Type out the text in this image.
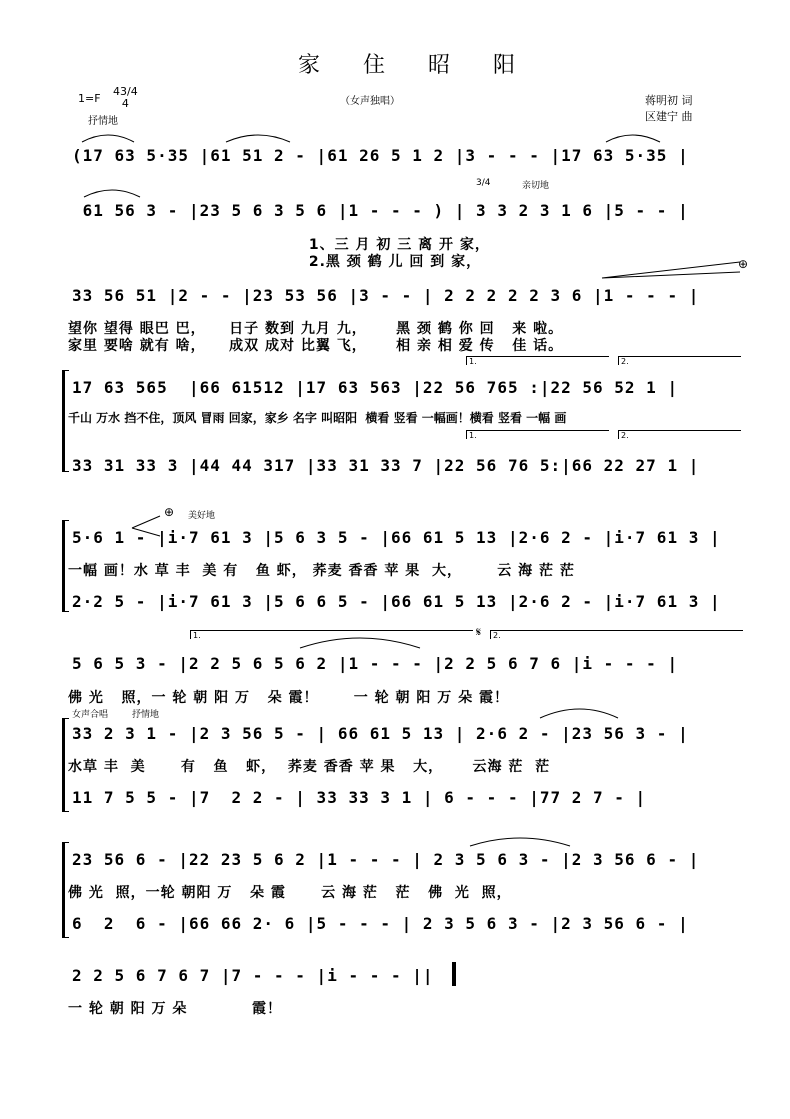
家 住 昭 阳
（女声独唱）
1=F
43/4
4
抒情地
蒋明初 词
区建宁 曲
(17 63 5·35 |61 51 2 - |61 26 5 1 2 |3 - - - |17 63 5·35 |
3/4	亲切地
61 56 3 - |23 5 6 3 5 6 |1 - - - ) | 3 3 2 3 1 6 |5 - - |
1、三 月 初 三 离 开 家，
2.黑 颈 鹤 儿 回 到 家，
33 56 51 |2 - - |23 53 56 |3 - - | 2 2 2 2 2 3 6 |1 - - - |
望你 望得 眼巴 巴，    日子 数到 九月 九，     黑 颈 鹤 你 回   来 啦。
家里 要啥 就有 啥，    成双 成对 比翼 飞，     相 亲 相 爱 传   佳 话。
1.	2.
17 63 565  |66 61512 |17 63 563 |22 56 765 :|22 56 52 1 |
千山 万水 挡不住，顶风 冒雨 回家，家乡 名字 叫昭阳  横看 竖看 一幅画！横看 竖看 一幅 画
1.	2.
33 31 33 3 |44 44 317 |33 31 33 7 |22 56 76 5:|66 22 27 1 |
美好地
5·6 1 - |i·7 61 3 |5 6 3 5 - |66 61 5 13 |2·6 2 - |i·7 61 3 |
一幅 画！水 草 丰  美 有   鱼 虾， 荞麦 香香 苹 果  大，      云 海 茫 茫
2·2 5 - |i·7 61 3 |5 6 6 5 - |66 61 5 13 |2·6 2 - |i·7 61 3 |
1.	2.
5 6 5 3 - |2 2 5 6 5 6 2 |1 - - - |2 2 5 6 7 6 |i - - - |
佛 光   照，一 轮 朝 阳 万   朵 霞！      一 轮 朝 阳 万 朵 霞！
女声合唱	抒情地
33 2 3 1 - |2 3 56 5 - | 66 61 5 13 | 2·6 2 - |23 56 3 - |
水草 丰  美      有   鱼   虾，  荞麦 香香 苹 果   大，     云海 茫  茫
11 7 5 5 - |7  2 2 - | 33 33 3 1 | 6 - - - |77 2 7 - |
23 56 6 - |22 23 5 6 2 |1 - - - | 2 3 5 6 3 - |2 3 56 6 - |
佛 光  照，一轮 朝阳 万   朵 霞      云 海 茫   茫   佛  光  照，
6  2  6 - |66 66 2· 6 |5 - - - | 2 3 5 6 3 - |2 3 56 6 - |
2 2 5 6 7 6 7 |7 - - - |i - - - ||
一 轮 朝 阳 万 朵           霞！
⊕
⊕
𝄋
